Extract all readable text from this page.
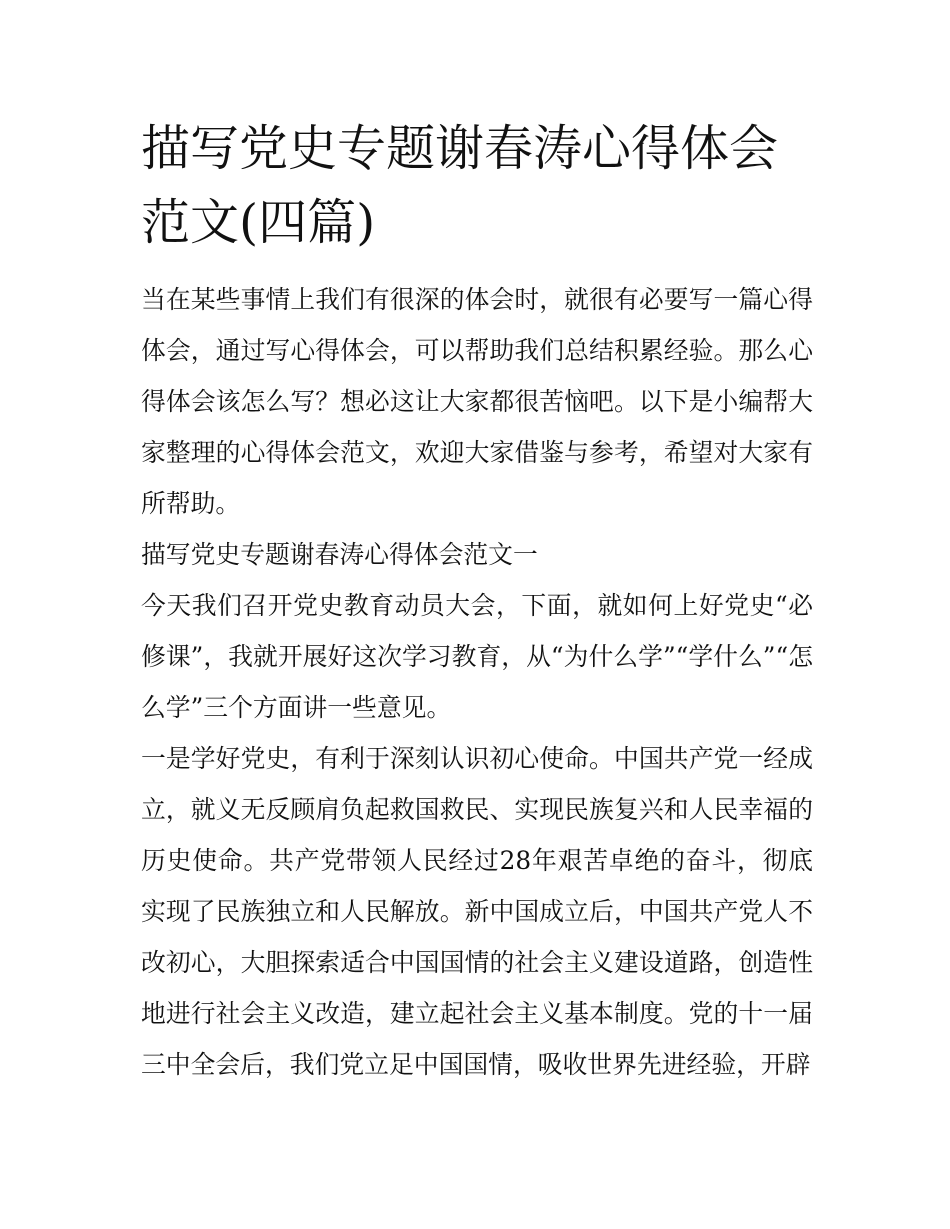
描写党史专题谢春涛心得体会范文(四篇)

当在某些事情上我们有很深的体会时，就很有必要写一篇心得体会，通过写心得体会，可以帮助我们总结积累经验。那么心得体会该怎么写？想必这让大家都很苦恼吧。以下是小编帮大家整理的心得体会范文，欢迎大家借鉴与参考，希望对大家有所帮助。

描写党史专题谢春涛心得体会范文一

今天我们召开党史教育动员大会，下面，就如何上好党史“必修课”，我就开展好这次学习教育，从“为什么学”“学什么”“怎么学”三个方面讲一些意见。

一是学好党史，有利于深刻认识初心使命。中国共产党一经成立，就义无反顾肩负起救国救民、实现民族复兴和人民幸福的历史使命。共产党带领人民经过28年艰苦卓绝的奋斗，彻底实现了民族独立和人民解放。新中国成立后，中国共产党人不改初心，大胆探索适合中国国情的社会主义建设道路，创造性地进行社会主义改造，建立起社会主义基本制度。党的十一届三中全会后，我们党立足中国国情，吸收世界先进经验，开辟
